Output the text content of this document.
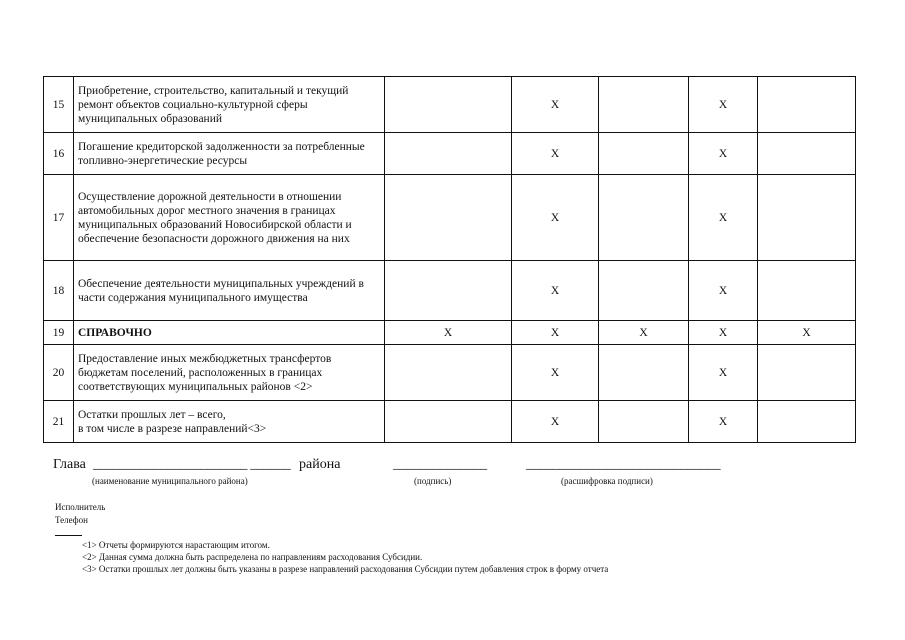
15	Приобретение, строительство, капитальный и текущий ремонт объектов социально-культурной сферы муниципальных образований		X		X	
16	Погашение кредиторской задолженности за потребленные топливно-энергетические ресурсы		X		X	
17	Осуществление дорожной деятельности в отношении автомобильных дорог местного значения в границах муниципальных образований Новосибирской области и обеспечение безопасности дорожного движения на них		X		X	
18	Обеспечение деятельности муниципальных учреждений в части содержания муниципального имущества		X		X	
19	СПРАВОЧНО	X	X	X	X	X
20	Предоставление иных межбюджетных трансфертов бюджетам поселений, расположенных в границах соответствующих муниципальных районов <2>		X		X	
21	Остатки прошлых лет – всего,
в том числе в разрезе направлений<3>		X		X	
Глава _______________________ ______ района	______________	_____________________________
(наименование муниципального района)	(подпись)	(расшифровка подписи)
Исполнитель
Телефон
<1> Отчеты формируются нарастающим итогом.
<2> Данная сумма должна быть распределена по направлениям расходования Субсидии.
<3> Остатки прошлых лет должны быть указаны в разрезе направлений расходования Субсидии путем добавления строк в форму отчета
